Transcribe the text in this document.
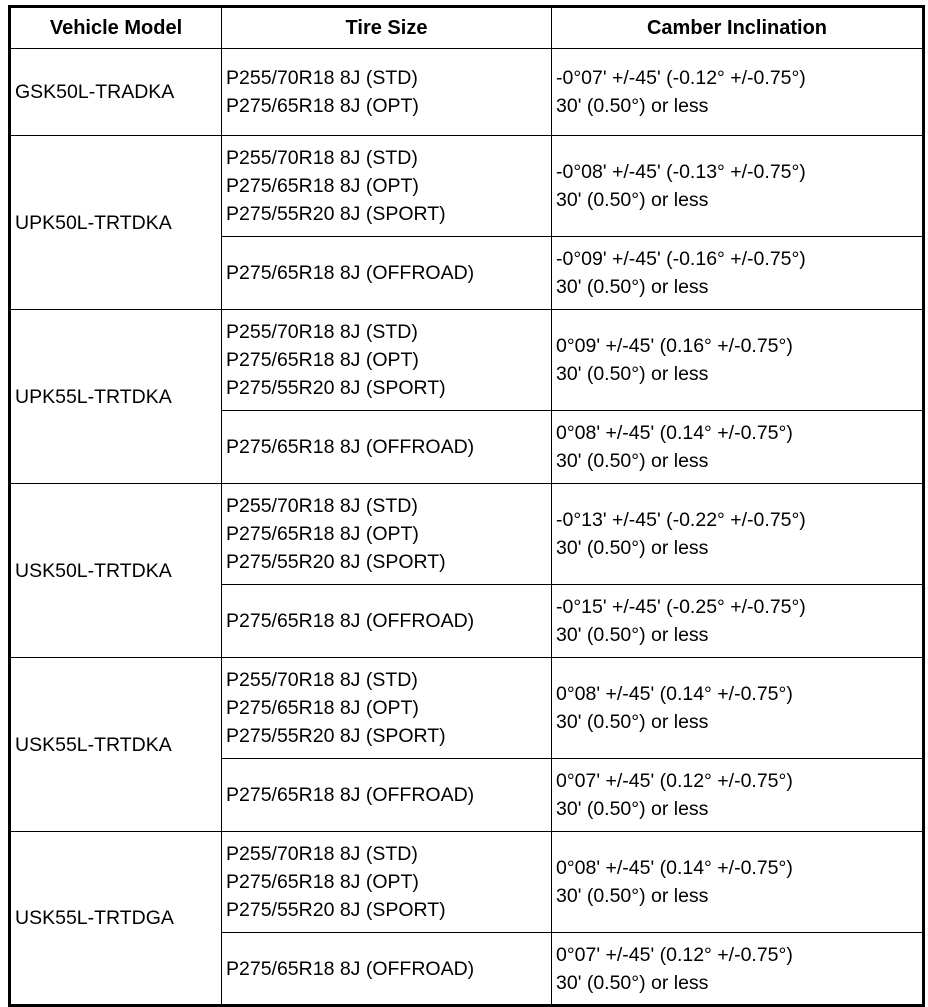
Vehicle Model	Tire Size	Camber Inclination
GSK50L-TRADKA	P255/70R18 8J (STD)
P275/65R18 8J (OPT)	-0°07' +/-45' (-0.12° +/-0.75°)
30' (0.50°) or less

UPK50L-TRTDKA	P255/70R18 8J (STD)
P275/65R18 8J (OPT)
P275/55R20 8J (SPORT)	-0°08' +/-45' (-0.13° +/-0.75°)
30' (0.50°) or less

	P275/65R18 8J (OFFROAD)	-0°09' +/-45' (-0.16° +/-0.75°)
30' (0.50°) or less

UPK55L-TRTDKA	P255/70R18 8J (STD)
P275/65R18 8J (OPT)
P275/55R20 8J (SPORT)	0°09' +/-45' (0.16° +/-0.75°)
30' (0.50°) or less

	P275/65R18 8J (OFFROAD)	0°08' +/-45' (0.14° +/-0.75°)
30' (0.50°) or less

USK50L-TRTDKA	P255/70R18 8J (STD)
P275/65R18 8J (OPT)
P275/55R20 8J (SPORT)	-0°13' +/-45' (-0.22° +/-0.75°)
30' (0.50°) or less

	P275/65R18 8J (OFFROAD)	-0°15' +/-45' (-0.25° +/-0.75°)
30' (0.50°) or less

USK55L-TRTDKA	P255/70R18 8J (STD)
P275/65R18 8J (OPT)
P275/55R20 8J (SPORT)	0°08' +/-45' (0.14° +/-0.75°)
30' (0.50°) or less

	P275/65R18 8J (OFFROAD)	0°07' +/-45' (0.12° +/-0.75°)
30' (0.50°) or less

USK55L-TRTDGA	P255/70R18 8J (STD)
P275/65R18 8J (OPT)
P275/55R20 8J (SPORT)	0°08' +/-45' (0.14° +/-0.75°)
30' (0.50°) or less

	P275/65R18 8J (OFFROAD)	0°07' +/-45' (0.12° +/-0.75°)
30' (0.50°) or less
